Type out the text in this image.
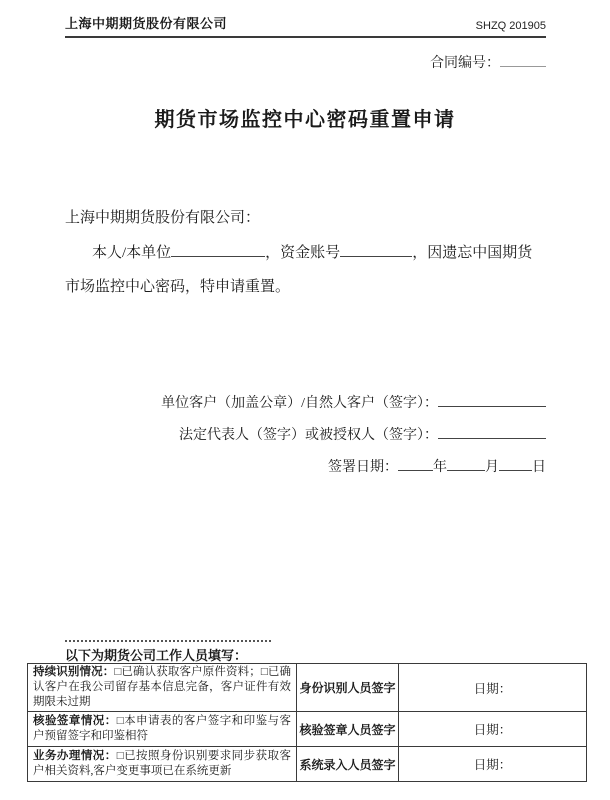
上海中期期货股份有限公司	SHZQ 201905
合同编号：
期货市场监控中心密码重置申请
上海中期期货股份有限公司：
本人/本单位	，资金账号	，因遗忘中国期货
市场监控中心密码，特申请重置。
单位客户（加盖公章）/自然人客户（签字）：
法定代表人（签字）或被授权人（签字）：
签署日期：	年	月 日
以下为期货公司工作人员填写：
持续识别情况：□已确认获取客户原件资料；□已确认客户在我公司留存基本信息完备，客户证件有效期限未过期	身份识别人员签字	日期：
核验签章情况：□本申请表的客户签字和印鉴与客户预留签字和印鉴相符	核验签章人员签字	日期：
业务办理情况：□已按照身份识别要求同步获取客户相关资料,客户变更事项已在系统更新	系统录入人员签字	日期：
